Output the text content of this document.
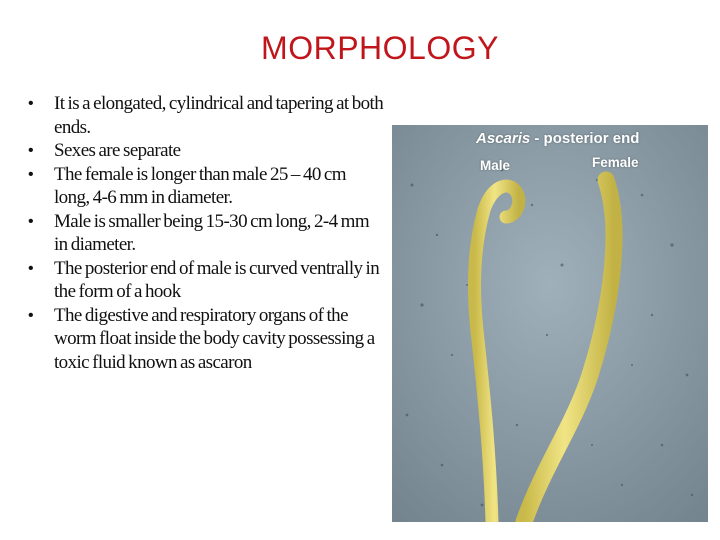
MORPHOLOGY
• It is a elongated, cylindrical and tapering at both ends.
• Sexes are separate
• The female is longer than male 25 – 40 cm long, 4-6 mm in diameter.
• Male is smaller being 15-30 cm long, 2-4 mm in diameter.
• The posterior end of male is curved ventrally in the form of a hook
• The digestive and respiratory organs of the worm float inside the body cavity possessing a toxic fluid known as ascaron
Ascaris - posterior end
Male	Female
